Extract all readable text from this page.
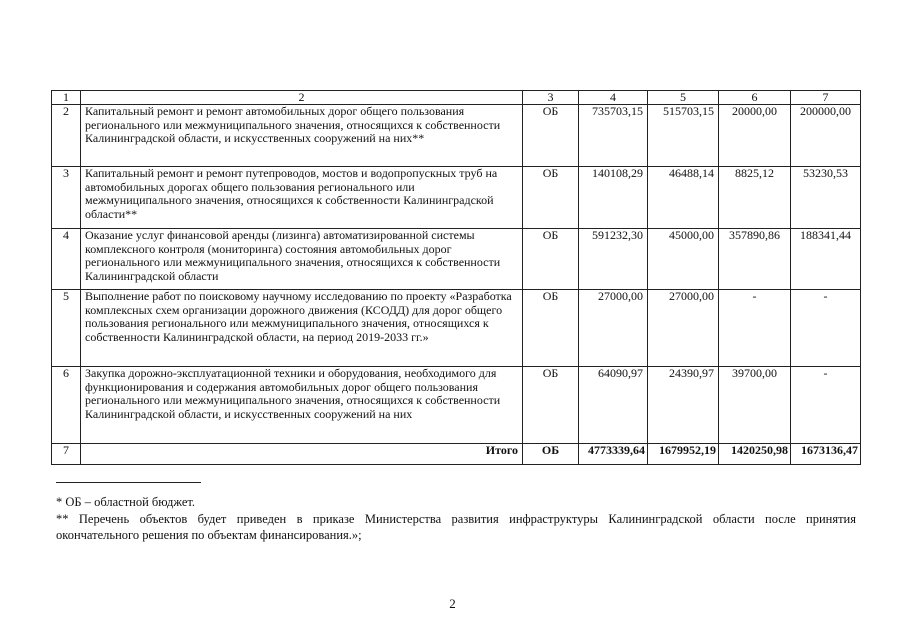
1	2	3	4	5	6	7
2	Капитальный ремонт и ремонт автомобильных дорог общего пользования регионального или межмуниципального значения, относящихся к собственности Калининградской области, и искусственных сооружений на них**	ОБ	735703,15	515703,15	20000,00	200000,00
3	Капитальный ремонт и ремонт путепроводов, мостов и водопропускных труб на автомобильных дорогах общего пользования регионального или межмуниципального значения, относящихся к собственности Калининградской области**	ОБ	140108,29	46488,14	8825,12	53230,53
4	Оказание услуг финансовой аренды (лизинга) автоматизированной системы комплексного контроля (мониторинга) состояния автомобильных дорог регионального или межмуниципального значения, относящихся к собственности Калининградской области	ОБ	591232,30	45000,00	357890,86	188341,44
5	Выполнение работ по поисковому научному исследованию по проекту «Разработка комплексных схем организации дорожного движения (КСОДД) для дорог общего пользования регионального или межмуниципального значения, относящихся к собственности Калининградской области, на период 2019-2033 гг.»	ОБ	27000,00	27000,00	-	-
6	Закупка дорожно-эксплуатационной техники и оборудования, необходимого для функционирования и содержания автомобильных дорог общего пользования регионального или межмуниципального значения, относящихся к собственности Калининградской области, и искусственных сооружений на них	ОБ	64090,97	24390,97	39700,00	-
7	Итого	ОБ	4773339,64	1679952,19	1420250,98	1673136,47
* ОБ – областной бюджет.
** Перечень объектов будет приведен в приказе Министерства развития инфраструктуры Калининградской области после принятия
окончательного решения по объектам финансирования.»;
2
